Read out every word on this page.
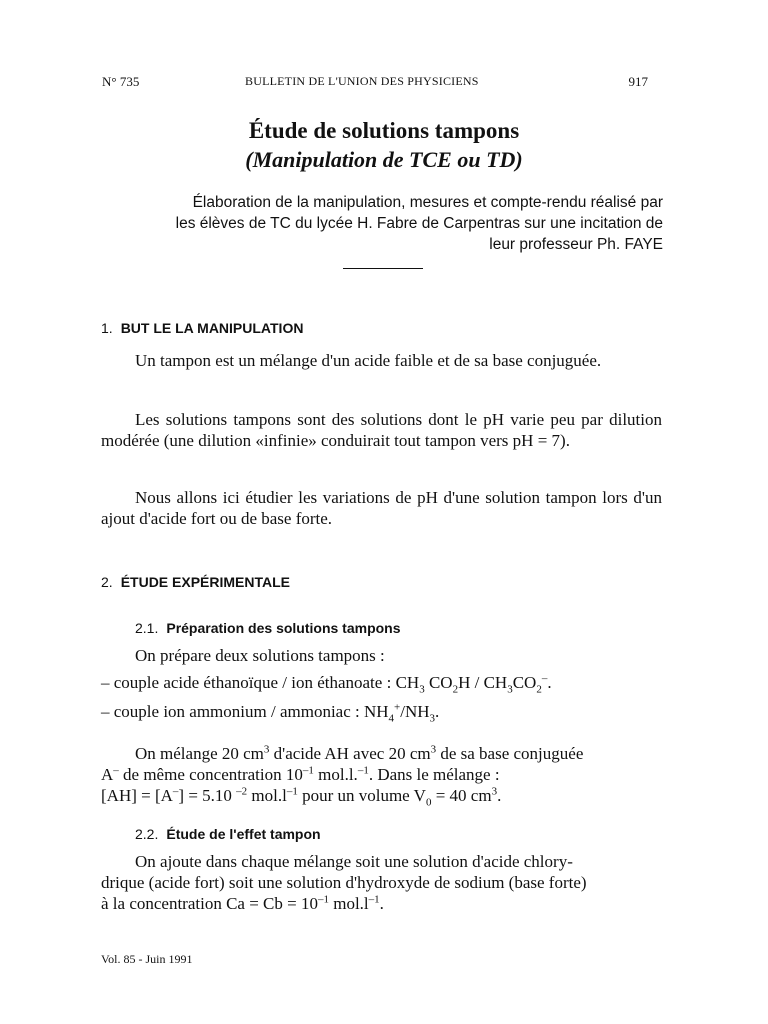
N° 735	BULLETIN DE L'UNION DES PHYSICIENS	917
Étude de solutions tampons
(Manipulation de TCE ou TD)
Élaboration de la manipulation, mesures et compte-rendu réalisé par
les élèves de TC du lycée H. Fabre de Carpentras sur une incitation de
leur professeur Ph. FAYE
1. BUT LE LA MANIPULATION
Un tampon est un mélange d'un acide faible et de sa base conjuguée.
Les solutions tampons sont des solutions dont le pH varie peu par dilution modérée (une dilution «infinie» conduirait tout tampon vers pH = 7).
Nous allons ici étudier les variations de pH d'une solution tampon lors d'un ajout d'acide fort ou de base forte.
2. ÉTUDE EXPÉRIMENTALE
2.1. Préparation des solutions tampons
On prépare deux solutions tampons :
– couple acide éthanoïque / ion éthanoate : $CH_3$ $CO_2H / CH_3CO_2^-$.
– couple ion ammonium / ammoniac : $NH_4^+/NH_3$.
On mélange 20 $cm^3$ d'acide AH avec 20 $cm^3$ de sa base conjuguée
A– de même concentration $10^{-1}$ mol.l.$^{-1}$. Dans le mélange :
[AH] = [A–] = 5.10 $^{-2}$ $mol.l^{-1}$ pour un volume $V_0 = 40$ $cm^3$.
2.2. Étude de l'effet tampon
On ajoute dans chaque mélange soit une solution d'acide chlory-
drique (acide fort) soit une solution d'hydroxyde de sodium (base forte)
à la concentration $Ca = Cb = 10^{-1}$ $mol.l^{-1}$.
Vol. 85 - Juin 1991
